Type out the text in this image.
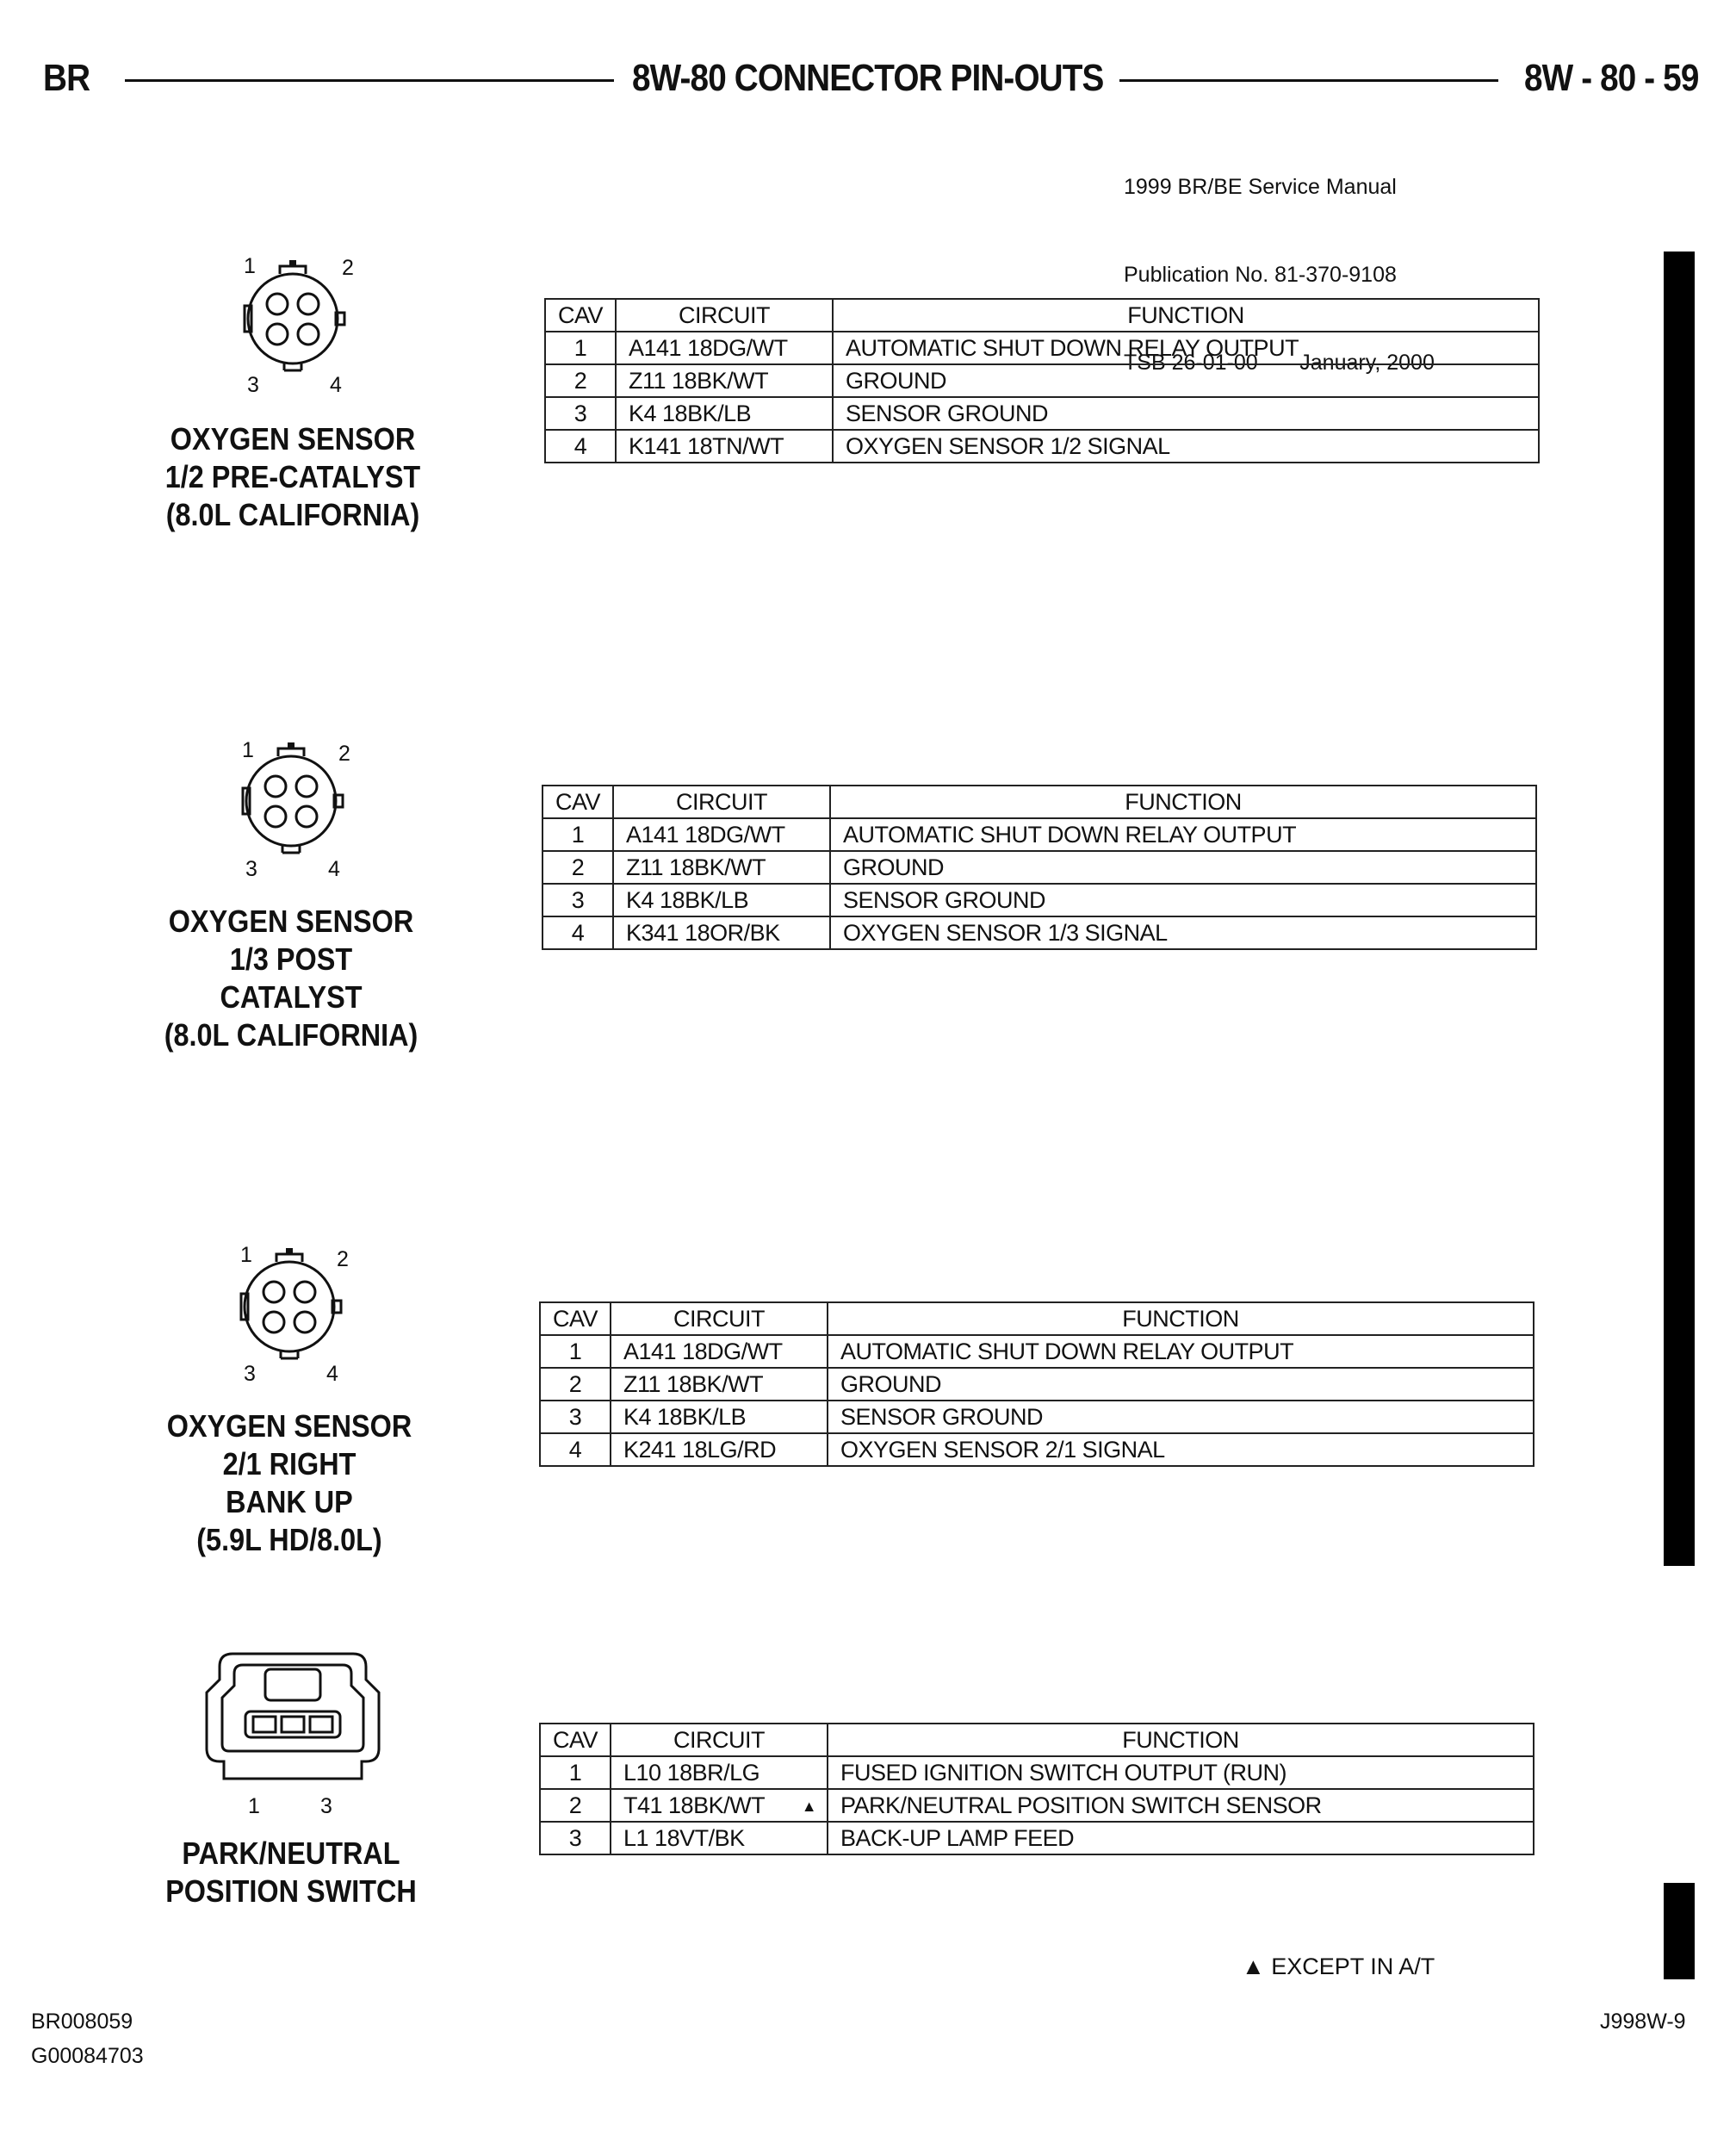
BR	8W-80 CONNECTOR PIN-OUTS	8W - 80 - 59

1999 BR/BE Service Manual

Publication No. 81-370-9108

TSB 26-01-00       January, 2000

1	2
3	4
OXYGEN SENSOR
1/2 PRE-CATALYST
(8.0L CALIFORNIA)
CAV	CIRCUIT	FUNCTION
1	A141 18DG/WT	AUTOMATIC SHUT DOWN RELAY OUTPUT
2	Z11 18BK/WT	GROUND
3	K4 18BK/LB	SENSOR GROUND
4	K141 18TN/WT	OXYGEN SENSOR 1/2 SIGNAL
1	2
3	4
OXYGEN SENSOR
1/3 POST
CATALYST
(8.0L CALIFORNIA)
CAV	CIRCUIT	FUNCTION
1	A141 18DG/WT	AUTOMATIC SHUT DOWN RELAY OUTPUT
2	Z11 18BK/WT	GROUND
3	K4 18BK/LB	SENSOR GROUND
4	K341 18OR/BK	OXYGEN SENSOR 1/3 SIGNAL
1	2
3	4
OXYGEN SENSOR
2/1 RIGHT
BANK UP
(5.9L HD/8.0L)
CAV	CIRCUIT	FUNCTION
1	A141 18DG/WT	AUTOMATIC SHUT DOWN RELAY OUTPUT
2	Z11 18BK/WT	GROUND
3	K4 18BK/LB	SENSOR GROUND
4	K241 18LG/RD	OXYGEN SENSOR 2/1 SIGNAL
1	3
PARK/NEUTRAL
POSITION SWITCH
CAV	CIRCUIT	FUNCTION
1	L10 18BR/LG	FUSED IGNITION SWITCH OUTPUT (RUN)
2	T41 18BK/WT ▲	PARK/NEUTRAL POSITION SWITCH SENSOR
3	L1 18VT/BK	BACK-UP LAMP FEED
▲ EXCEPT IN A/T
BR008059
G00084703
J998W-9
